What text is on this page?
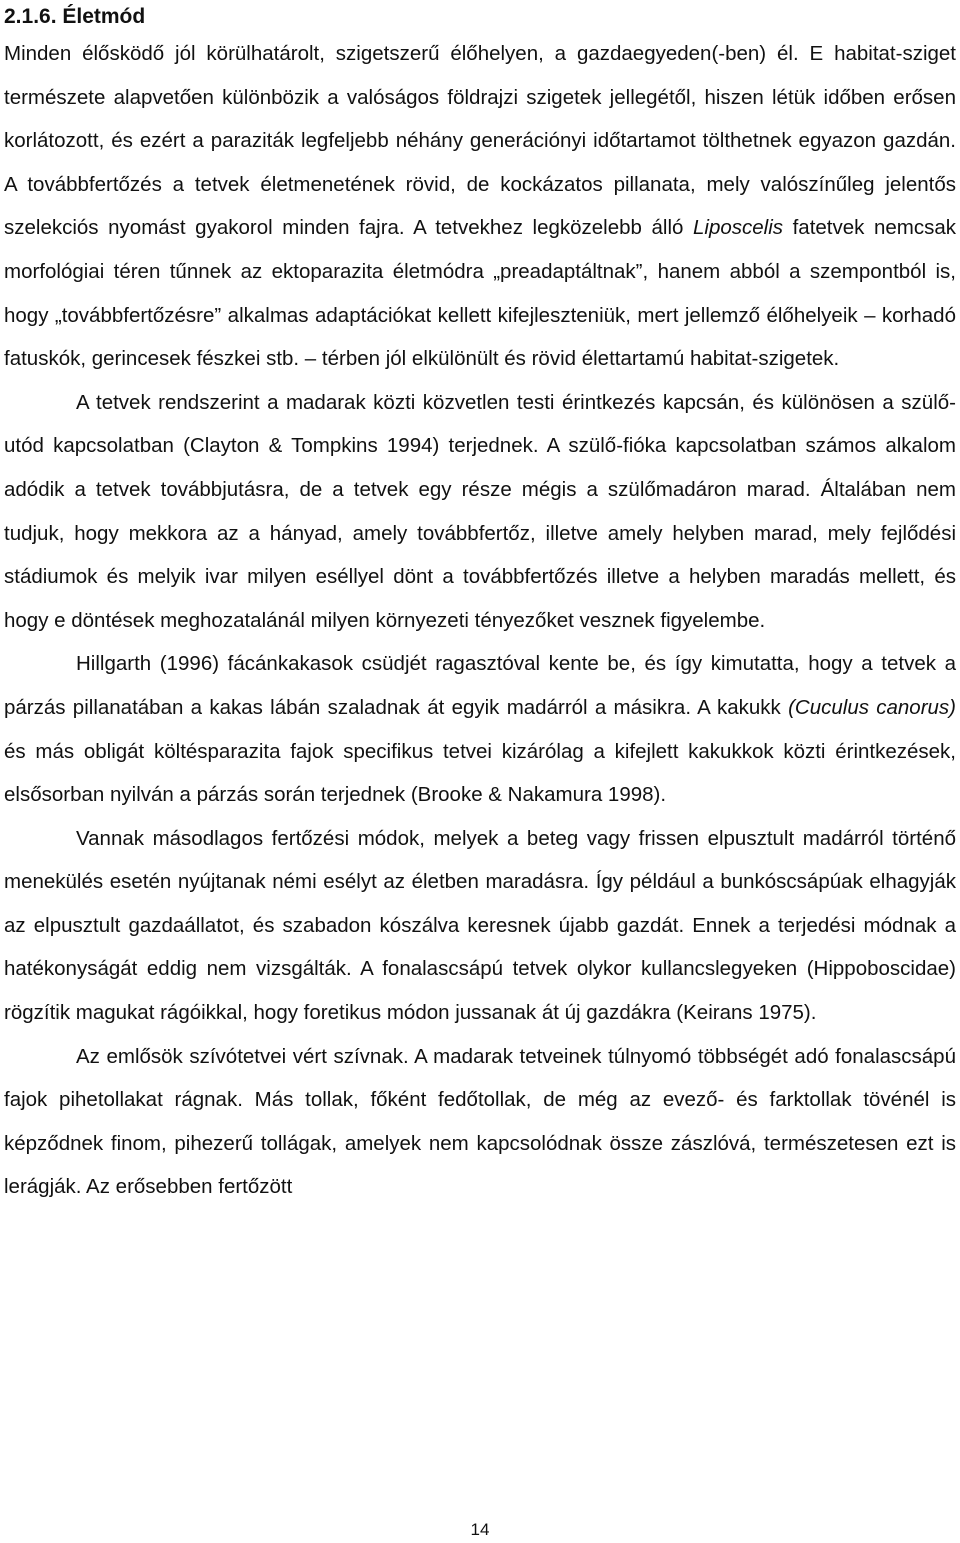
2.1.6. Életmód

Minden élősködő jól körülhatárolt, szigetszerű élőhelyen, a gazdaegyeden(-ben) él. E habitat-sziget természete alapvetően különbözik a valóságos földrajzi szigetek jellegétől, hiszen létük időben erősen korlátozott, és ezért a paraziták legfeljebb néhány generációnyi időtartamot tölthetnek egyazon gazdán. A továbbfertőzés a tetvek életmenetének rövid, de kockázatos pillanata, mely valószínűleg jelentős szelekciós nyomást gyakorol minden fajra. A tetvekhez legközelebb álló Liposcelis fatetvek nemcsak morfológiai téren tűnnek az ektoparazita életmódra „preadaptáltnak”, hanem abból a szempontból is, hogy „továbbfertőzésre” alkalmas adaptációkat kellett kifejleszteniük, mert jellemző élőhelyeik – korhadó fatuskók, gerincesek fészkei stb. – térben jól elkülönült és rövid élettartamú habitat-szigetek.

A tetvek rendszerint a madarak közti közvetlen testi érintkezés kapcsán, és különösen a szülő-utód kapcsolatban (Clayton & Tompkins 1994) terjednek. A szülő-fióka kapcsolatban számos alkalom adódik a tetvek továbbjutásra, de a tetvek egy része mégis a szülőmadáron marad. Általában nem tudjuk, hogy mekkora az a hányad, amely továbbfertőz, illetve amely helyben marad, mely fejlődési stádiumok és melyik ivar milyen eséllyel dönt a továbbfertőzés illetve a helyben maradás mellett, és hogy e döntések meghozatalánál milyen környezeti tényezőket vesznek figyelembe.

Hillgarth (1996) fácánkakasok csüdjét ragasztóval kente be, és így kimutatta, hogy a tetvek a párzás pillanatában a kakas lábán szaladnak át egyik madárról a másikra. A kakukk (Cuculus canorus) és más obligát költésparazita fajok specifikus tetvei kizárólag a kifejlett kakukkok közti érintkezések, elsősorban nyilván a párzás során terjednek (Brooke & Nakamura 1998).

Vannak másodlagos fertőzési módok, melyek a beteg vagy frissen elpusztult madárról történő menekülés esetén nyújtanak némi esélyt az életben maradásra. Így például a bunkóscsápúak elhagyják az elpusztult gazdaállatot, és szabadon kószálva keresnek újabb gazdát. Ennek a terjedési módnak a hatékonyságát eddig nem vizsgálták. A fonalascsápú tetvek olykor kullancslegyeken (Hippoboscidae) rögzítik magukat rágóikkal, hogy foretikus módon jussanak át új gazdákra (Keirans 1975).

Az emlősök szívótetvei vért szívnak. A madarak tetveinek túlnyomó többségét adó fonalascsápú fajok pihetollakat rágnak. Más tollak, főként fedőtollak, de még az evező- és farktollak tövénél is képződnek finom, pihezerű tollágak, amelyek nem kapcsolódnak össze zászlóvá, természetesen ezt is lerágják. Az erősebben fertőzött

14
